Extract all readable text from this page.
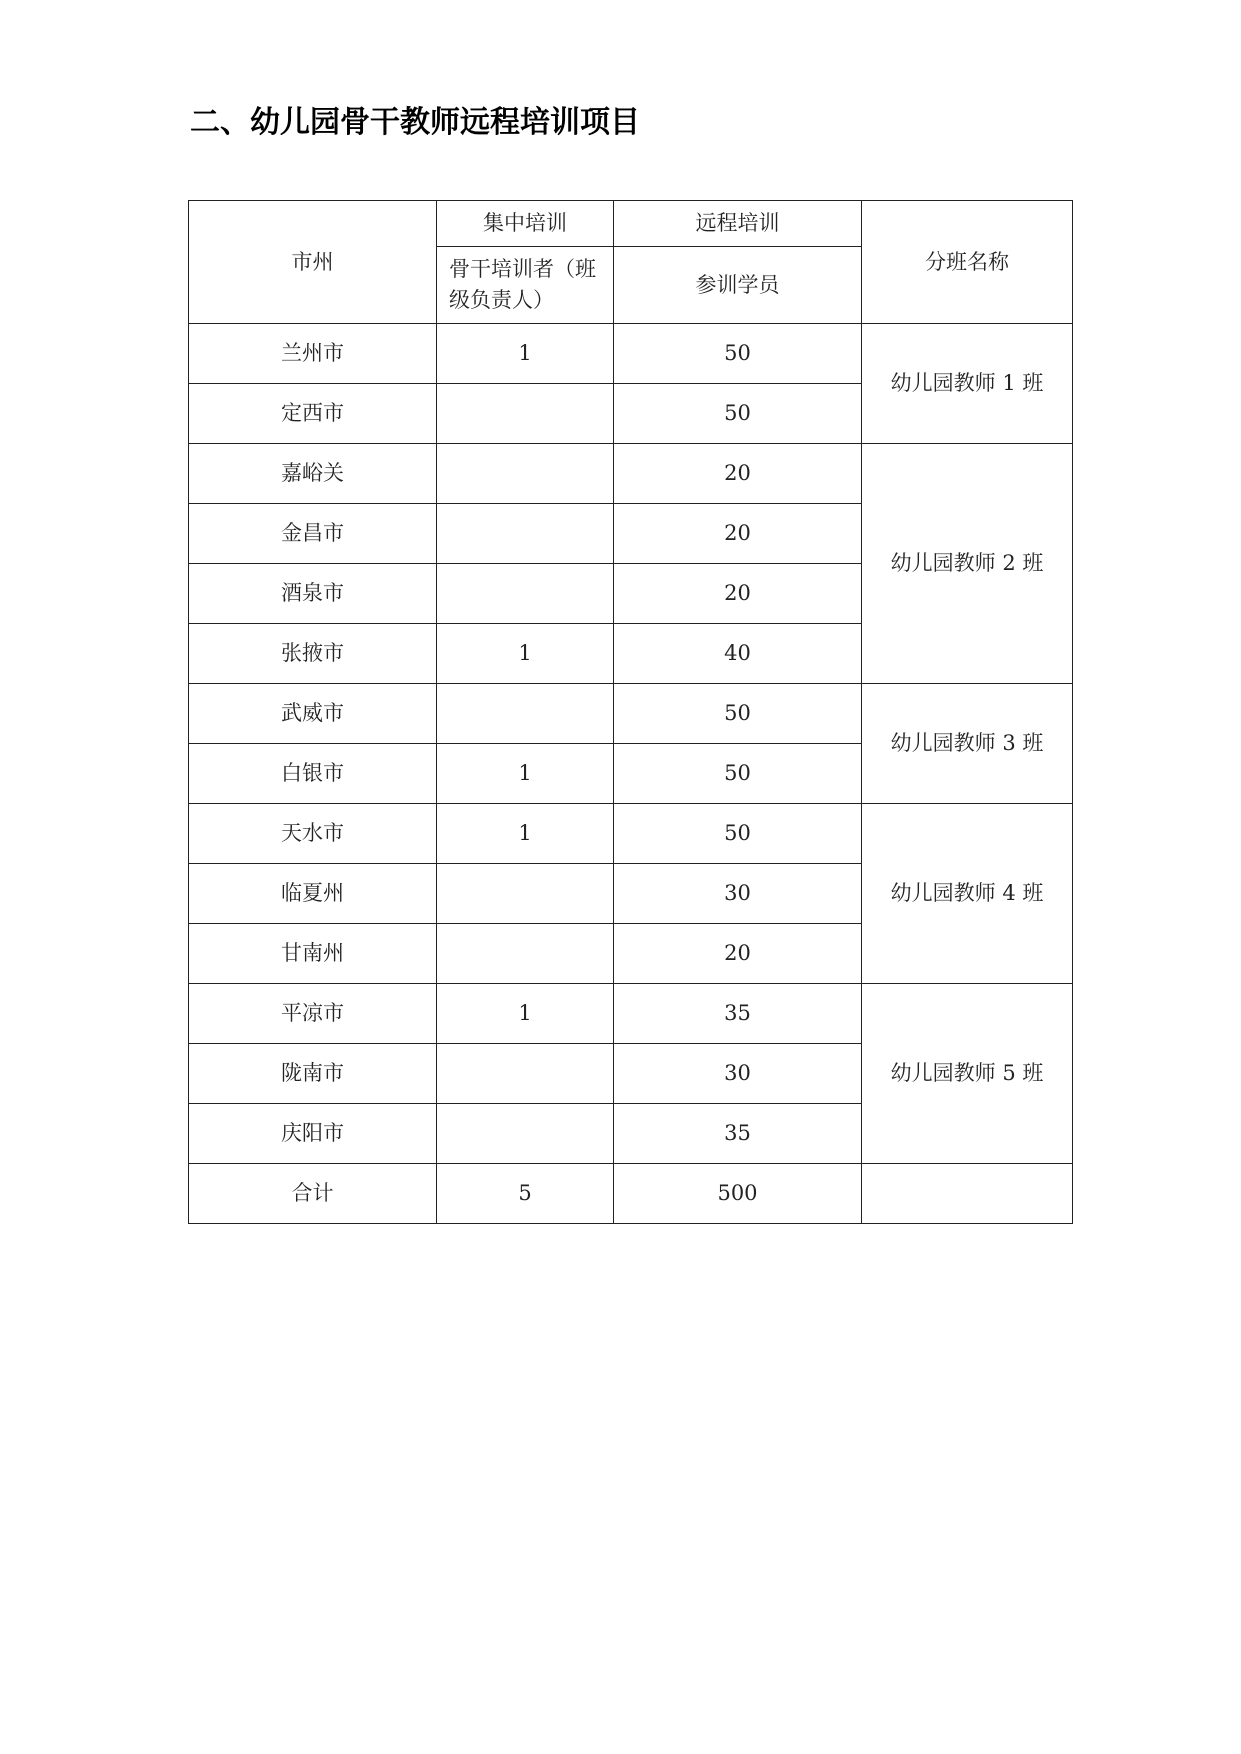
二、幼儿园骨干教师远程培训项目
市州	集中培训	远程培训	分班名称
	骨干培训者（班级负责人）	参训学员	
兰州市	1	50	幼儿园教师 1 班
定西市		50	
嘉峪关		20	幼儿园教师 2 班
金昌市		20	
酒泉市		20	
张掖市	1	40	
武威市		50	幼儿园教师 3 班
白银市	1	50	
天水市	1	50	幼儿园教师 4 班
临夏州		30	
甘南州		20	
平凉市	1	35	幼儿园教师 5 班
陇南市		30	
庆阳市		35	
合计	5	500	
